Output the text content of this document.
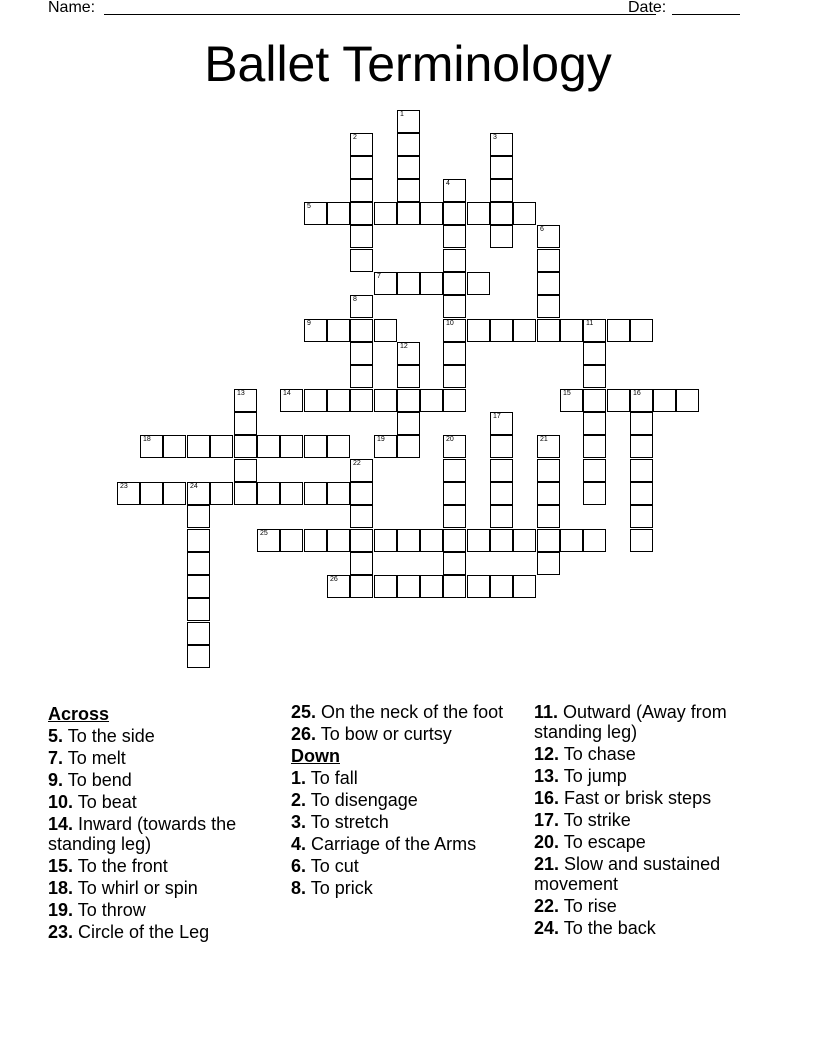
Name:	Date:
Ballet Terminology
1
2	3
4
5
6
7
8
9	10	11
12
13	14	15	16
17
18	19	20	21
22
23	24
25
26
Across
5. To the side
7. To melt
9. To bend
10. To beat
14. Inward (towards the standing leg)
15. To the front
18. To whirl or spin
19. To throw
23. Circle of the Leg
25. On the neck of the foot
26. To bow or curtsy
Down
1. To fall
2. To disengage
3. To stretch
4. Carriage of the Arms
6. To cut
8. To prick
11. Outward (Away from standing leg)
12. To chase
13. To jump
16. Fast or brisk steps
17. To strike
20. To escape
21. Slow and sustained movement
22. To rise
24. To the back
